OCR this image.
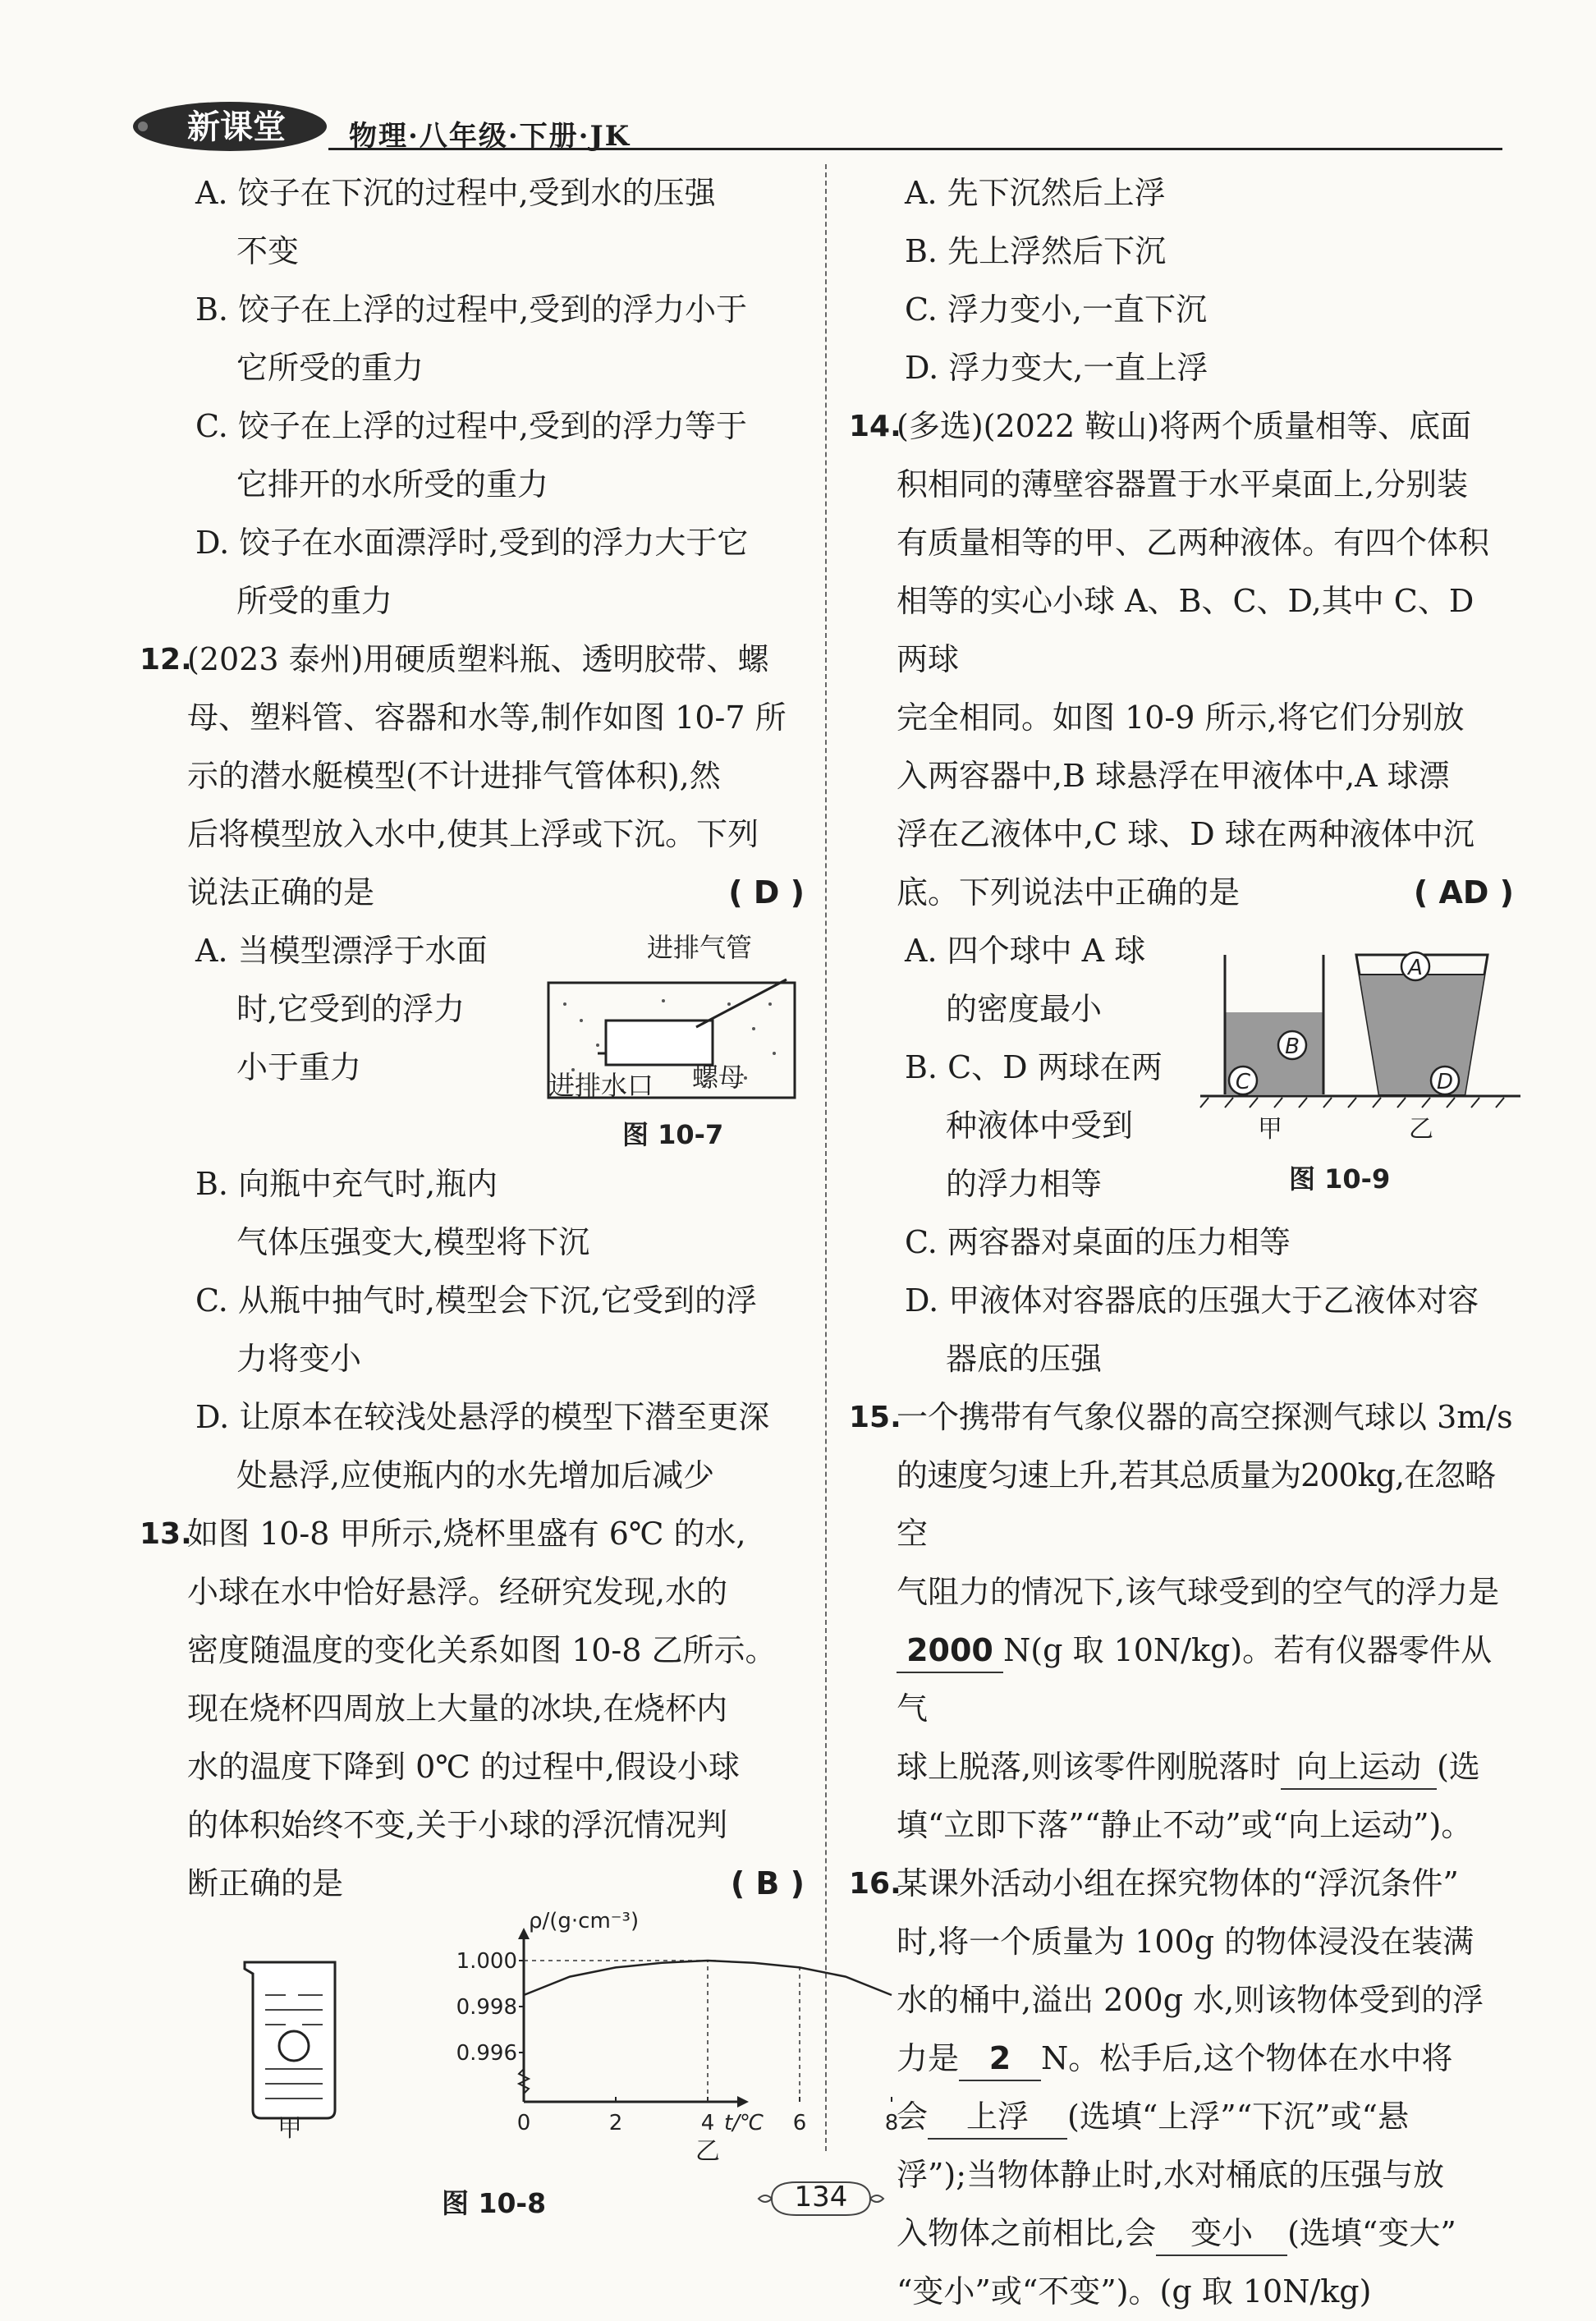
新课堂 物理·八年级·下册·JK
A. 饺子在下沉的过程中,受到水的压强
不变
B. 饺子在上浮的过程中,受到的浮力小于
它所受的重力
C. 饺子在上浮的过程中,受到的浮力等于
它排开的水所受的重力
D. 饺子在水面漂浮时,受到的浮力大于它
所受的重力
12.
(2023 泰州)用硬质塑料瓶、透明胶带、螺
母、塑料管、容器和水等,制作如图 10-7 所
示的潜水艇模型(不计进排气管体积),然
后将模型放入水中,使其上浮或下沉。下列
说法正确的是	( D )
A. 当模型漂浮于水面
时,它受到的浮力
小于重力
进排气管
螺母
进排水口
图 10-7
B. 向瓶中充气时,瓶内
气体压强变大,模型将下沉
C. 从瓶中抽气时,模型会下沉,它受到的浮
力将变小
D. 让原本在较浅处悬浮的模型下潜至更深
处悬浮,应使瓶内的水先增加后减少
13.
如图 10-8 甲所示,烧杯里盛有 6℃ 的水,
小球在水中恰好悬浮。经研究发现,水的
密度随温度的变化关系如图 10-8 乙所示。
现在烧杯四周放上大量的冰块,在烧杯内
水的温度下降到 0℃ 的过程中,假设小球
的体积始终不变,关于小球的浮沉情况判
断正确的是	( B )
甲
1.000
0.998
0.996
0	2	4	6	8
ρ/(g·cm⁻³)
t/℃
乙
图 10-8
A. 先下沉然后上浮
B. 先上浮然后下沉
C. 浮力变小,一直下沉
D. 浮力变大,一直上浮
14.
(多选)(2022 鞍山)将两个质量相等、底面
积相同的薄壁容器置于水平桌面上,分别装
有质量相等的甲、乙两种液体。有四个体积
相等的实心小球 A、B、C、D,其中 C、D 两球
完全相同。如图 10-9 所示,将它们分别放
入两容器中,B 球悬浮在甲液体中,A 球漂
浮在乙液体中,C 球、D 球在两种液体中沉
底。下列说法中正确的是	( AD )
A. 四个球中 A 球
的密度最小
B. C、D 两球在两
种液体中受到
的浮力相等
B
C
A
D
甲	乙
图 10-9
C. 两容器对桌面的压力相等
D. 甲液体对容器底的压强大于乙液体对容
器底的压强
15.
一个携带有气象仪器的高空探测气球以 3m/s
的速度匀速上升,若其总质量为200kg,在忽略空
气阻力的情况下,该气球受到的空气的浮力是
2000 N(g 取 10N/kg)。若有仪器零件从气
球上脱落,则该零件刚脱落时 向上运动 (选
填“立即下落”“静止不动”或“向上运动”)。
16.
某课外活动小组在探究物体的“浮沉条件”
时,将一个质量为 100g 的物体浸没在装满
水的桶中,溢出 200g 水,则该物体受到的浮
力是 2 N。松手后,这个物体在水中将
会 上浮 (选填“上浮”“下沉”或“悬
浮”);当物体静止时,水对桶底的压强与放
入物体之前相比,会 变小 (选填“变大”
“变小”或“不变”)。(g 取 10N/kg)
134
